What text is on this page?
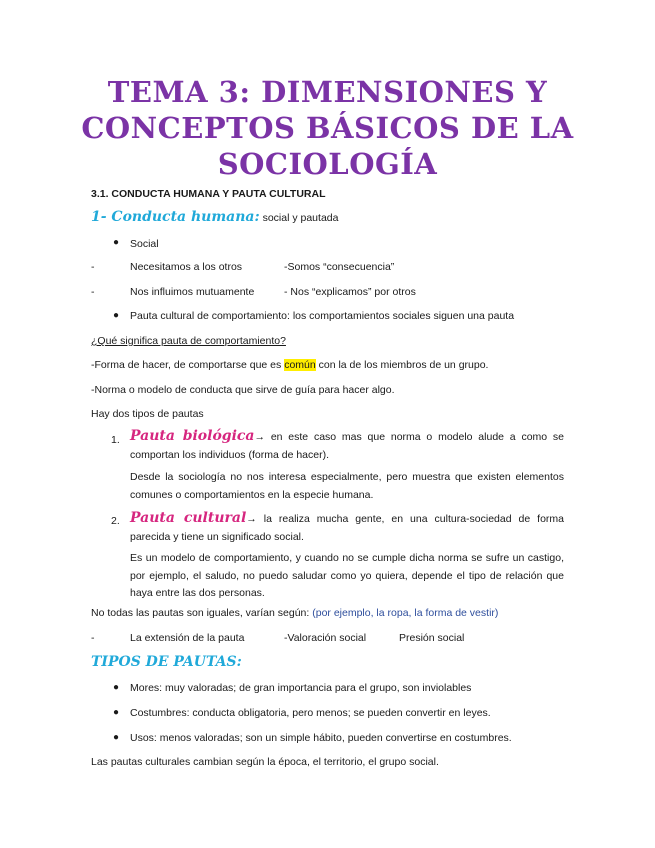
TEMA 3: DIMENSIONES Y
CONCEPTOS BÁSICOS DE LA
SOCIOLOGÍA
3.1. CONDUCTA HUMANA Y PAUTA CULTURAL
1- Conducta humana: social y pautada
● Social
-	Necesitamos a los otros	-Somos “consecuencia”
-	Nos influimos mutuamente	- Nos “explicamos” por otros
● Pauta cultural de comportamiento: los comportamientos sociales siguen una pauta
¿Qué significa pauta de comportamiento?
-Forma de hacer, de comportarse que es común con la de los miembros de un grupo.
-Norma o modelo de conducta que sirve de guía para hacer algo.
Hay dos tipos de pautas
1. Pauta biológica→ en este caso mas que norma o modelo alude a como se comportan los individuos (forma de hacer).
Desde la sociología no nos interesa especialmente, pero muestra que existen elementos comunes o comportamientos en la especie humana.
2. Pauta cultural→ la realiza mucha gente, en una cultura-sociedad de forma parecida y tiene un significado social.
Es un modelo de comportamiento, y cuando no se cumple dicha norma se sufre un castigo, por ejemplo, el saludo, no puedo saludar como yo quiera, depende el tipo de relación que haya entre las dos personas.
No todas las pautas son iguales, varían según: (por ejemplo, la ropa, la forma de vestir)
-	La extensión de la pauta	-Valoración social	Presión social
TIPOS DE PAUTAS:
● Mores: muy valoradas; de gran importancia para el grupo, son inviolables
● Costumbres: conducta obligatoria, pero menos; se pueden convertir en leyes.
● Usos: menos valoradas; son un simple hábito, pueden convertirse en costumbres.
Las pautas culturales cambian según la época, el territorio, el grupo social.
